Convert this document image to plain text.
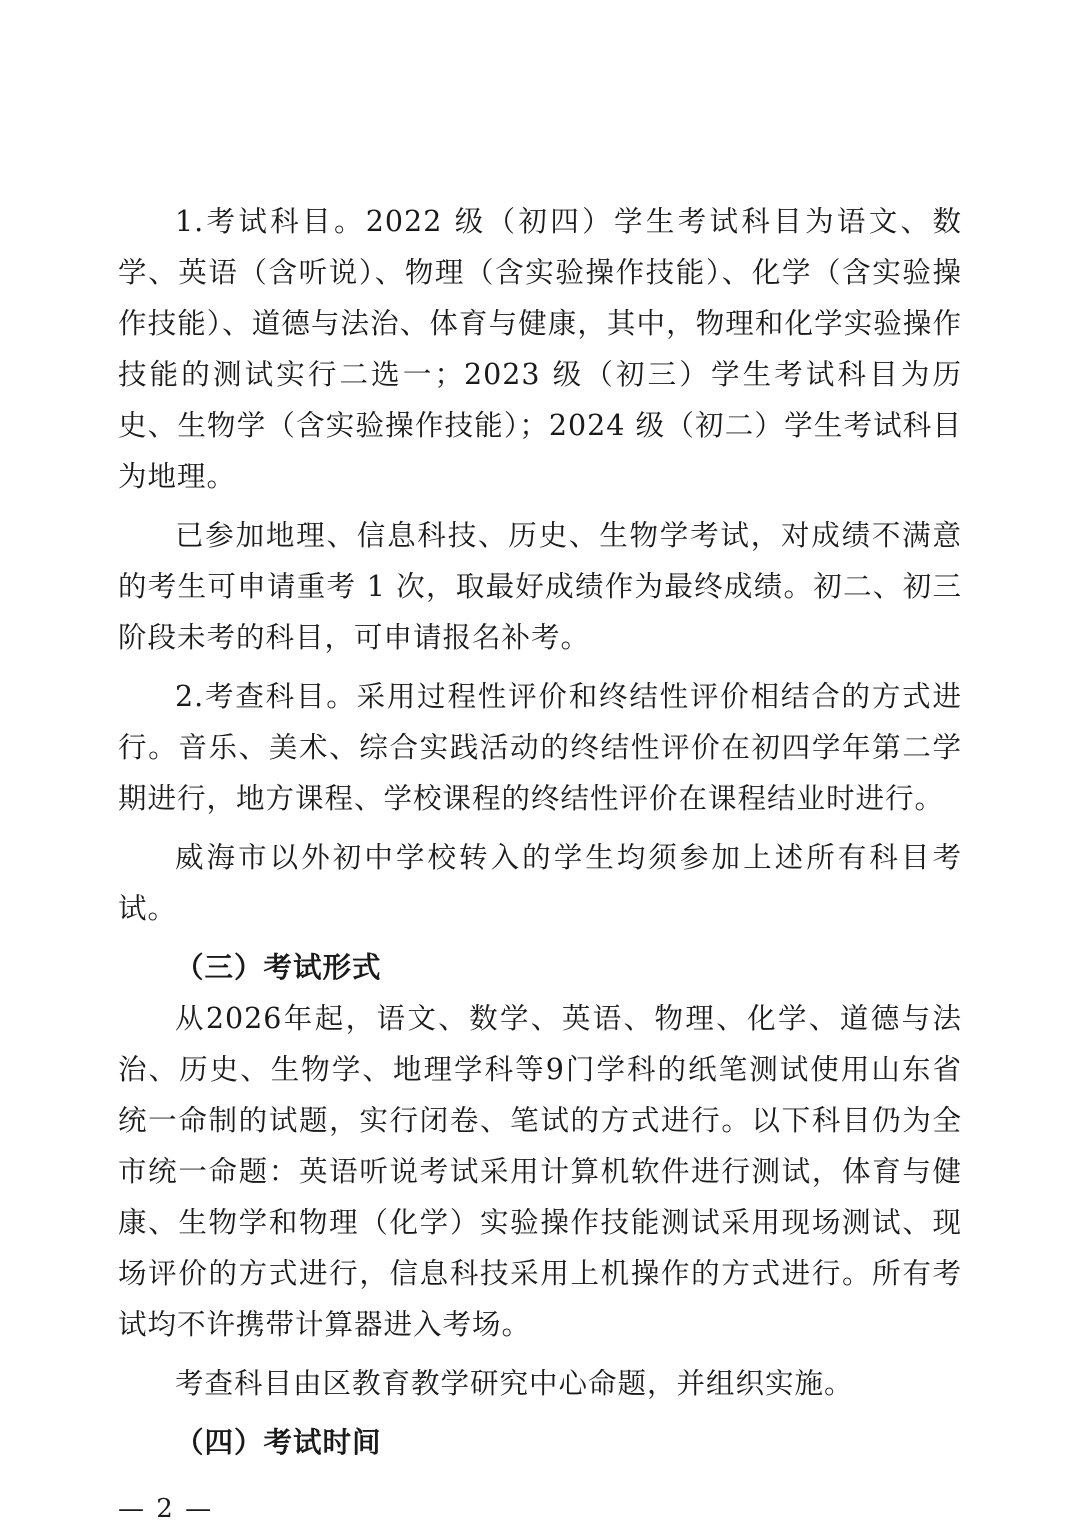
1.考试科目。2022 级（初四）学生考试科目为语文、数学、英语（含听说）、物理（含实验操作技能）、化学（含实验操作技能）、道德与法治、体育与健康，其中，物理和化学实验操作技能的测试实行二选一；2023 级（初三）学生考试科目为历史、生物学（含实验操作技能）；2024 级（初二）学生考试科目为地理。

已参加地理、信息科技、历史、生物学考试，对成绩不满意的考生可申请重考 1 次，取最好成绩作为最终成绩。初二、初三阶段未考的科目，可申请报名补考。

2.考查科目。采用过程性评价和终结性评价相结合的方式进行。音乐、美术、综合实践活动的终结性评价在初四学年第二学期进行，地方课程、学校课程的终结性评价在课程结业时进行。

威海市以外初中学校转入的学生均须参加上述所有科目考试。

（三）考试形式

从2026年起，语文、数学、英语、物理、化学、道德与法治、历史、生物学、地理学科等9门学科的纸笔测试使用山东省统一命制的试题，实行闭卷、笔试的方式进行。以下科目仍为全市统一命题：英语听说考试采用计算机软件进行测试，体育与健康、生物学和物理（化学）实验操作技能测试采用现场测试、现场评价的方式进行，信息科技采用上机操作的方式进行。所有考试均不许携带计算器进入考场。

考查科目由区教育教学研究中心命题，并组织实施。

（四）考试时间

— 2 —
